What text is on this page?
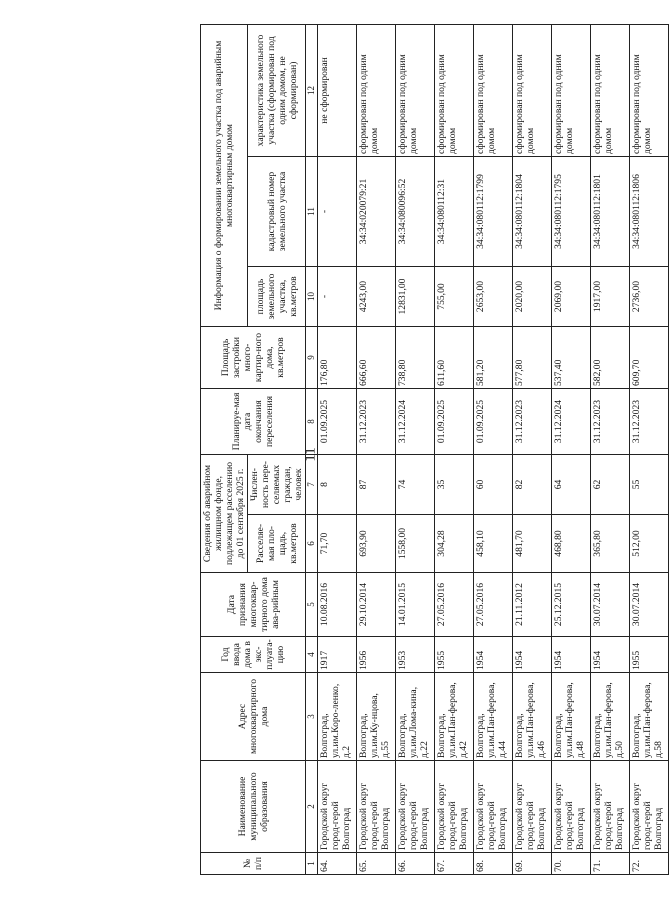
11
№ п/п	Наименование муниципального образования	Адрес многоквартирного дома	Год ввода дома в экс-плуата-цию	Дата признания многоквар-тирного дома ава-рийным	Сведения об аварийном жилищном фонде, подлежащем расселению до 01 сентября 2025 г.		Планируе-мая дата окончания переселения	Площадь застройки много-картир-ного дома, кв.метров	Информация о формировании земельного участка под аварийным многоквартирным домом		
					Расселяе-мая пло-щадь, кв.метров	Числен-ность пере-селяемых граждан, человек			площадь земельного участка, кв.метров	кадастровый номер земельного участка	характеристика земельного участка (сформирован под одним домом, не сформирован)
1	2	3	4	5	6	7	8	9	10	11	12
64.	Городской округ город-герой Волгоград	Волгоград, ул.им.Коро-ленко, д.2	1917	10.08.2016	71,70	8	01.09.2025	176,80	-	-	не сформирован
65.	Городской округ город-герой Волгоград	Волгоград, ул.им.Ку-нцова, д.55	1956	29.10.2014	693,90	87	31.12.2023	666,60	4243,00	34:34:020079:21	сформирован под одним домом
66.	Городской округ город-герой Волгоград	Волгоград, ул.им.Лома-кина, д.22	1953	14.01.2015	1558,00	74	31.12.2024	738,80	12831,00	34:34:080096:52	сформирован под одним домом
67.	Городской округ город-герой Волгоград	Волгоград, ул.им.Пан-ферова, д.42	1955	27.05.2016	304,28	35	01.09.2025	611,60	755,00	34:34:080112:31	сформирован под одним домом
68.	Городской округ город-герой Волгоград	Волгоград, ул.им.Пан-ферова, д.44	1954	27.05.2016	458,10	60	01.09.2025	581,20	2653,00	34:34:080112:1799	сформирован под одним домом
69.	Городской округ город-герой Волгоград	Волгоград, ул.им.Пан-ферова, д.46	1954	21.11.2012	481,70	82	31.12.2023	577,80	2020,00	34:34:080112:1804	сформирован под одним домом
70.	Городской округ город-герой Волгоград	Волгоград, ул.им.Пан-ферова, д.48	1954	25.12.2015	468,80	64	31.12.2024	537,40	2069,00	34:34:080112:1795	сформирован под одним домом
71.	Городской округ город-герой Волгоград	Волгоград, ул.им.Пан-ферова, д.50	1954	30.07.2014	365,80	62	31.12.2023	582,00	1917,00	34:34:080112:1801	сформирован под одним домом
72.	Городской округ город-герой Волгоград	Волгоград, ул.им.Пан-ферова, д.58	1955	30.07.2014	512,00	55	31.12.2023	609,70	2736,00	34:34:080112:1806	сформирован под одним домом
